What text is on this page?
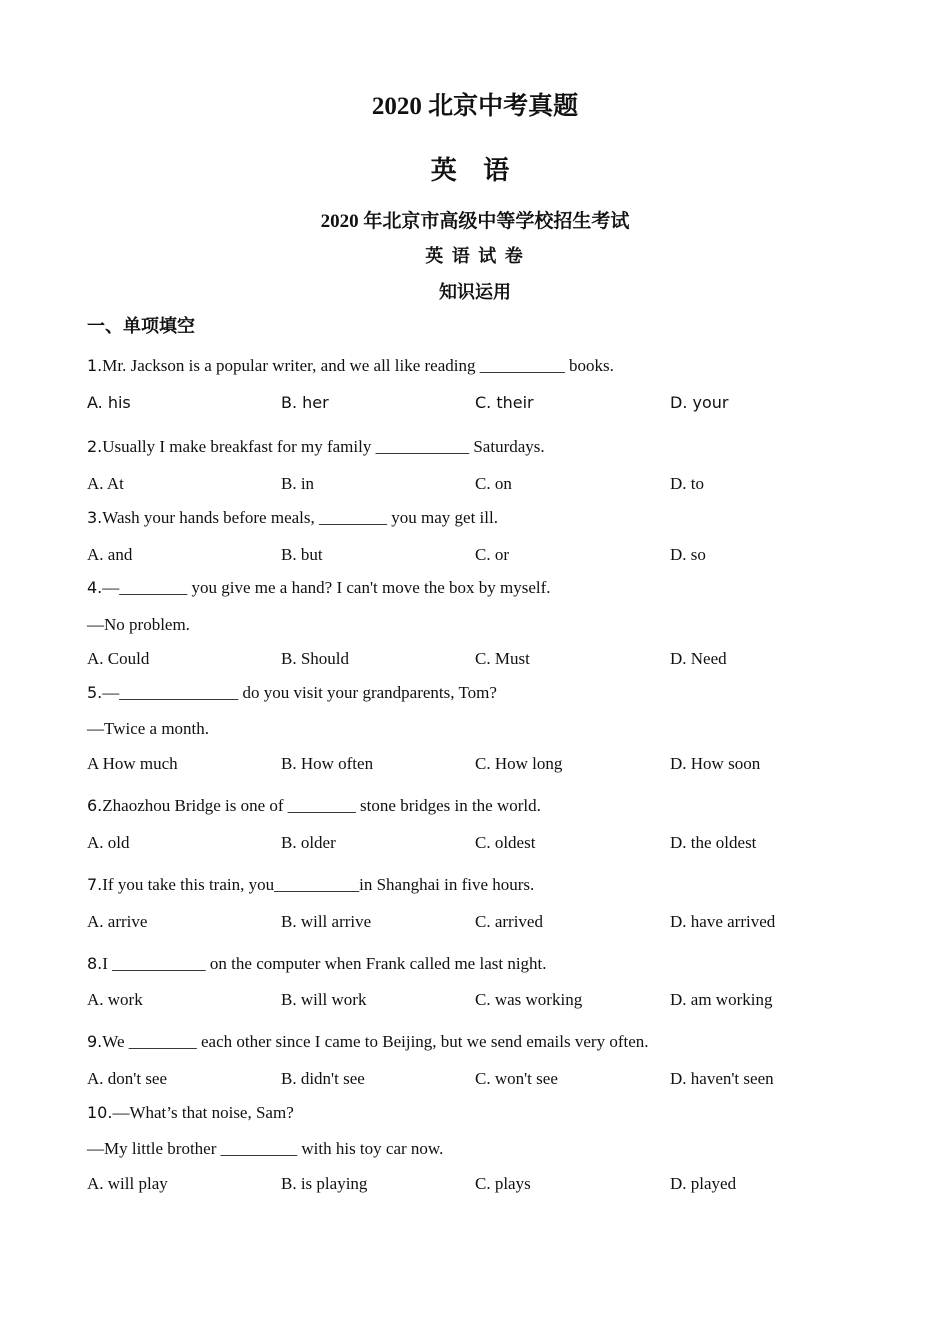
2020 北京中考真题
英 语
2020 年北京市高级中等学校招生考试
英 语 试 卷
知识运用
一、单项填空
1.Mr. Jackson is a popular writer, and we all like reading __________ books.
A. his	B. her	C. their	D. your
2.Usually I make breakfast for my family ___________ Saturdays.
A. At	B. in	C. on	D. to
3.Wash your hands before meals, ________ you may get ill.
A. and	B. but	C. or	D. so
4.—________ you give me a hand? I can't move the box by myself.
—No problem.
A. Could	B. Should	C. Must	D. Need
5.—______________ do you visit your grandparents, Tom?
—Twice a month.
A How much	B. How often	C. How long	D. How soon
6.Zhaozhou Bridge is one of ________ stone bridges in the world.
A. old	B. older	C. oldest	D. the oldest
7.If you take this train, you__________in Shanghai in five hours.
A. arrive	B. will arrive	C. arrived	D. have arrived
8.I ___________ on the computer when Frank called me last night.
A. work	B. will work	C. was working	D. am working
9.We ________ each other since I came to Beijing, but we send emails very often.
A. don't see	B. didn't see	C. won't see	D. haven't seen
10.—What’s that noise, Sam?
—My little brother _________ with his toy car now.
A. will play	B. is playing	C. plays	D. played
